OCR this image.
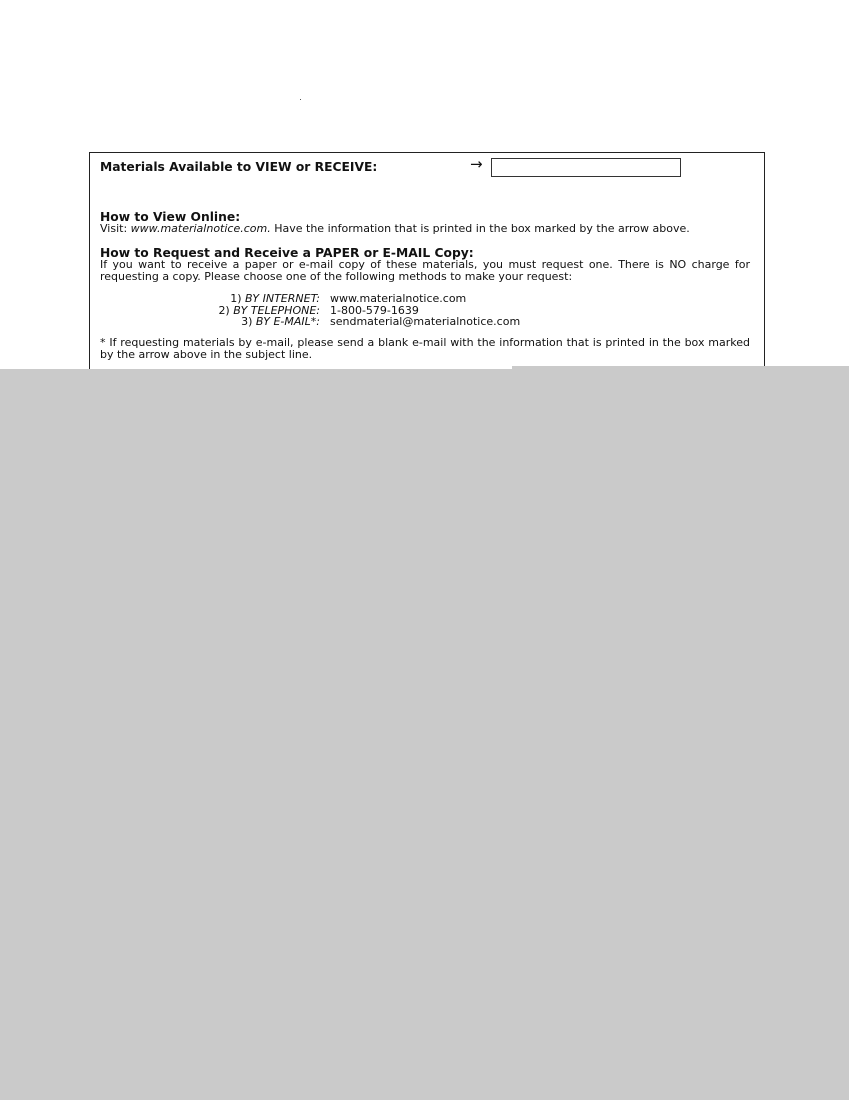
Materials Available to VIEW or RECEIVE:	→
How to View Online:
Visit: www.materialnotice.com. Have the information that is printed in the box marked by the arrow above.
How to Request and Receive a PAPER or E-MAIL Copy:
If you want to receive a paper or e-mail copy of these materials, you must request one. There is NO charge for requesting a copy. Please choose one of the following methods to make your request:
1) BY INTERNET: www.materialnotice.com
2) BY TELEPHONE: 1-800-579-1639
3) BY E-MAIL*: sendmaterial@materialnotice.com
* If requesting materials by e-mail, please send a blank e-mail with the information that is printed in the box marked by the arrow above in the subject line.
